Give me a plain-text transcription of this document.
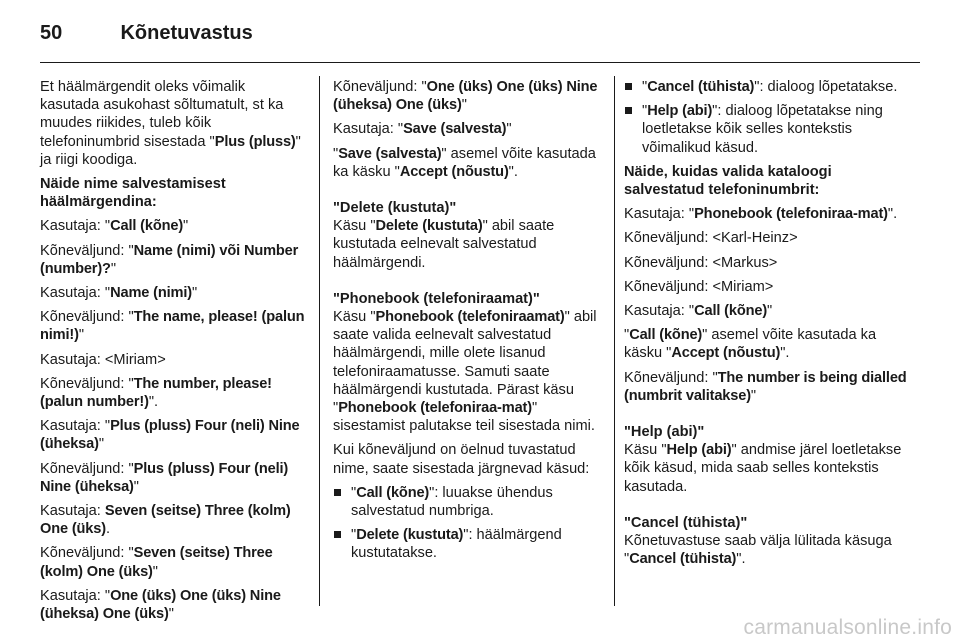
50	Kõnetuvastus

Et häälmärgendit oleks võimalik kasutada asukohast sõltumatult, st ka muudes riikides, tuleb kõik telefoninumbrid sisestada "Plus (pluss)" ja riigi koodiga.

Näide nime salvestamisest häälmärgendina:

Kasutaja: "Call (kõne)"

Kõneväljund: "Name (nimi) või Number (number)?"

Kasutaja: "Name (nimi)"

Kõneväljund: "The name, please! (palun nimi!)"

Kasutaja: <Miriam>

Kõneväljund: "The number, please! (palun number!)".

Kasutaja: "Plus (pluss) Four (neli) Nine (üheksa)"

Kõneväljund: "Plus (pluss) Four (neli) Nine (üheksa)"

Kasutaja: Seven (seitse) Three (kolm) One (üks).

Kõneväljund: "Seven (seitse) Three (kolm) One (üks)"

Kasutaja: "One (üks) One (üks) Nine (üheksa) One (üks)"

Kõneväljund: "One (üks) One (üks) Nine (üheksa) One (üks)"

Kasutaja: "Save (salvesta)"

"Save (salvesta)" asemel võite kasutada ka käsku "Accept (nõustu)".

"Delete (kustuta)"

Käsu "Delete (kustuta)" abil saate kustutada eelnevalt salvestatud häälmärgendi.

"Phonebook (telefoniraamat)"

Käsu "Phonebook (telefoniraamat)" abil saate valida eelnevalt salvestatud häälmärgendi, mille olete lisanud telefoniraamatusse. Samuti saate häälmärgendi kustutada. Pärast käsu "Phonebook (telefoniraa‐mat)" sisestamist palutakse teil sisestada nimi.

Kui kõneväljund on öelnud tuvastatud nime, saate sisestada järgnevad käsud:

"Call (kõne)": luuakse ühendus salvestatud numbriga.
"Delete (kustuta)": häälmärgend kustutatakse.
"Cancel (tühista)": dialoog lõpetatakse.
"Help (abi)": dialoog lõpetatakse ning loetletakse kõik selles kontekstis võimalikud käsud.

Näide, kuidas valida kataloogi salvestatud telefoninumbrit:

Kasutaja: "Phonebook (telefoniraa‐mat)".

Kõneväljund: <Karl-Heinz>

Kõneväljund: <Markus>

Kõneväljund: <Miriam>

Kasutaja: "Call (kõne)"

"Call (kõne)" asemel võite kasutada ka käsku "Accept (nõustu)".

Kõneväljund: "The number is being dialled (numbrit valitakse)"

"Help (abi)"

Käsu "Help (abi)" andmise järel loetletakse kõik käsud, mida saab selles kontekstis kasutada.

"Cancel (tühista)"

Kõnetuvastuse saab välja lülitada käsuga "Cancel (tühista)".

carmanualsonline.info
